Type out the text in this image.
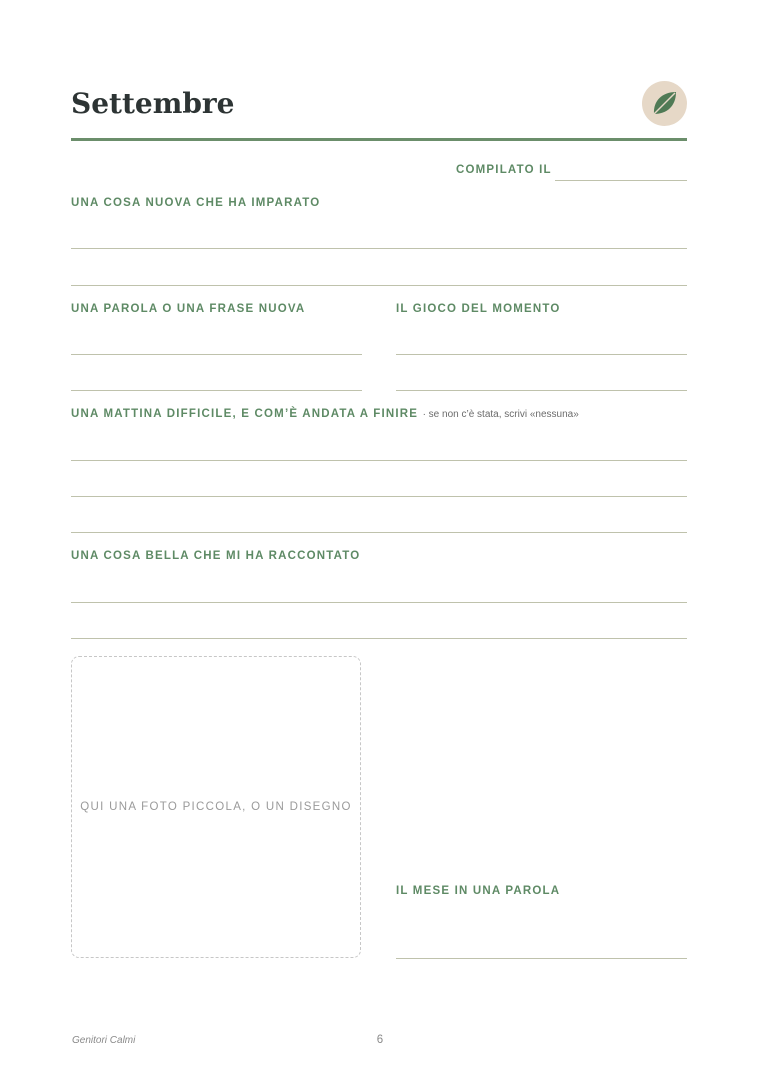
Settembre

COMPILATO IL

UNA COSA NUOVA CHE HA IMPARATO

UNA PAROLA O UNA FRASE NUOVA	IL GIOCO DEL MOMENTO

UNA MATTINA DIFFICILE, E COM’È ANDATA A FINIRE · se non c’è stata, scrivi «nessuna»

UNA COSA BELLA CHE MI HA RACCONTATO

QUI UNA FOTO PICCOLA, O UN DISEGNO

IL MESE IN UNA PAROLA

Genitori Calmi	6
